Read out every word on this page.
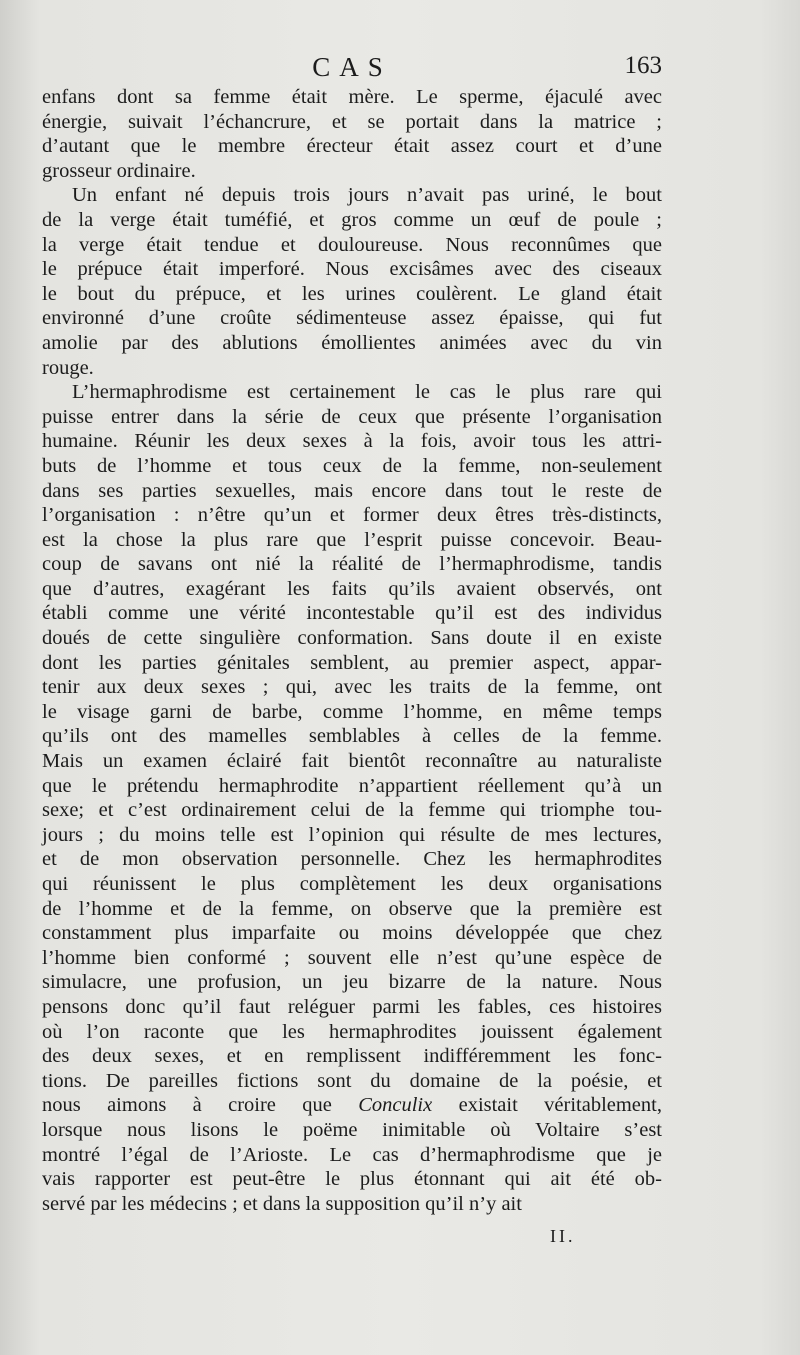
CAS	163
enfans dont sa femme était mère. Le sperme, éjaculé avec
énergie, suivait l’échancrure, et se portait dans la matrice ;
d’autant que le membre érecteur était assez court et d’une
grosseur ordinaire.
Un enfant né depuis trois jours n’avait pas uriné, le bout
de la verge était tuméfié, et gros comme un œuf de poule ;
la verge était tendue et douloureuse. Nous reconnûmes que
le prépuce était imperforé. Nous excisâmes avec des ciseaux
le bout du prépuce, et les urines coulèrent. Le gland était
environné d’une croûte sédimenteuse assez épaisse, qui fut
amolie par des ablutions émollientes animées avec du vin
rouge.
L’hermaphrodisme est certainement le cas le plus rare qui
puisse entrer dans la série de ceux que présente l’organisation
humaine. Réunir les deux sexes à la fois, avoir tous les attri-
buts de l’homme et tous ceux de la femme, non-seulement
dans ses parties sexuelles, mais encore dans tout le reste de
l’organisation : n’être qu’un et former deux êtres très-distincts,
est la chose la plus rare que l’esprit puisse concevoir. Beau-
coup de savans ont nié la réalité de l’hermaphrodisme, tandis
que d’autres, exagérant les faits qu’ils avaient observés, ont
établi comme une vérité incontestable qu’il est des individus
doués de cette singulière conformation. Sans doute il en existe
dont les parties génitales semblent, au premier aspect, appar-
tenir aux deux sexes ; qui, avec les traits de la femme, ont
le visage garni de barbe, comme l’homme, en même temps
qu’ils ont des mamelles semblables à celles de la femme.
Mais un examen éclairé fait bientôt reconnaître au naturaliste
que le prétendu hermaphrodite n’appartient réellement qu’à un
sexe; et c’est ordinairement celui de la femme qui triomphe tou-
jours ; du moins telle est l’opinion qui résulte de mes lectures,
et de mon observation personnelle. Chez les hermaphrodites
qui réunissent le plus complètement les deux organisations
de l’homme et de la femme, on observe que la première est
constamment plus imparfaite ou moins développée que chez
l’homme bien conformé ; souvent elle n’est qu’une espèce de
simulacre, une profusion, un jeu bizarre de la nature. Nous
pensons donc qu’il faut reléguer parmi les fables, ces histoires
où l’on raconte que les hermaphrodites jouissent également
des deux sexes, et en remplissent indifféremment les fonc-
tions. De pareilles fictions sont du domaine de la poésie, et
nous aimons à croire que Conculix existait véritablement,
lorsque nous lisons le poëme inimitable où Voltaire s’est
montré l’égal de l’Arioste. Le cas d’hermaphrodisme que je
vais rapporter est peut-être le plus étonnant qui ait été ob-
servé par les médecins ; et dans la supposition qu’il n’y ait
II.
